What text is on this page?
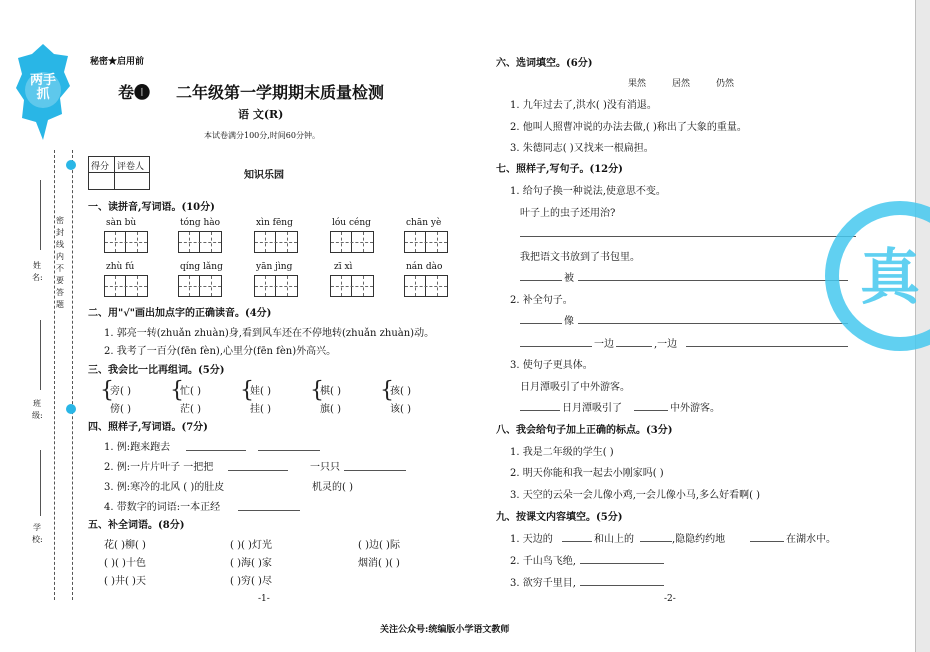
两手抓
密封线内不要答题
姓名:
班级:
学校:
秘密★启用前
卷❶ 二年级第一学期期末质量检测
语 文(R)
本试卷满分100分,时间60分钟。
得分 评卷人
知识乐园
一、读拼音,写词语。(10分)
sàn bù	tóng hào	xìn fēng	lóu céng	chān yè
zhù fú	qíng lǎng	yān jìng	zī xì	nán dào
二、用"√"画出加点字的正确读音。(4分)
1. 郭亮一转(zhuǎn zhuàn)身,看到风车还在不停地转(zhuǎn zhuàn)动。
2. 我考了一百分(fēn fèn),心里分(fēn fèn)外高兴。
三、我会比一比再组词。(5分)
{
旁( )
傍( )
{
忙( )
茫( )
{
娃( )
挂( )
{
棋( )
旗( )
{
孩( )
该( )
四、照样子,写词语。(7分)
1. 例:跑来跑去
2. 例:一片片叶子 一把把	一只只
3. 例:寒冷的北风 ( )的肚皮	机灵的( )
4. 带数字的词语:一本正经
五、补全词语。(8分)
花( )柳( )	( )( )灯光	( )边( )际
( )( )十色	( )海( )家	烟消( )( )
( )井( )天	( )穷( )尽
-1-
六、选词填空。(6分)
果然	居然	仍然
1. 九年过去了,洪水( )没有消退。
2. 他叫人照曹冲说的办法去做,( )称出了大象的重量。
3. 朱德同志( )又找来一根扁担。
七、照样子,写句子。(12分)
1. 给句子换一种说法,使意思不变。
叶子上的虫子还用治?
我把语文书放到了书包里。
被
2. 补全句子。
像
一边	,一边
3. 使句子更具体。
日月潭吸引了中外游客。
日月潭吸引了	中外游客。
八、我会给句子加上正确的标点。(3分)
1. 我是二年级的学生( )
2. 明天你能和我一起去小刚家吗( )
3. 天空的云朵一会儿像小鸡,一会儿像小马,多么好看啊( )
九、按课文内容填空。(5分)
1. 天边的	和山上的	,隐隐约约地	在湖水中。
2. 千山鸟飞绝,
3. 欲穷千里目,
-2-
真
关注公众号:统编版小学语文教师
